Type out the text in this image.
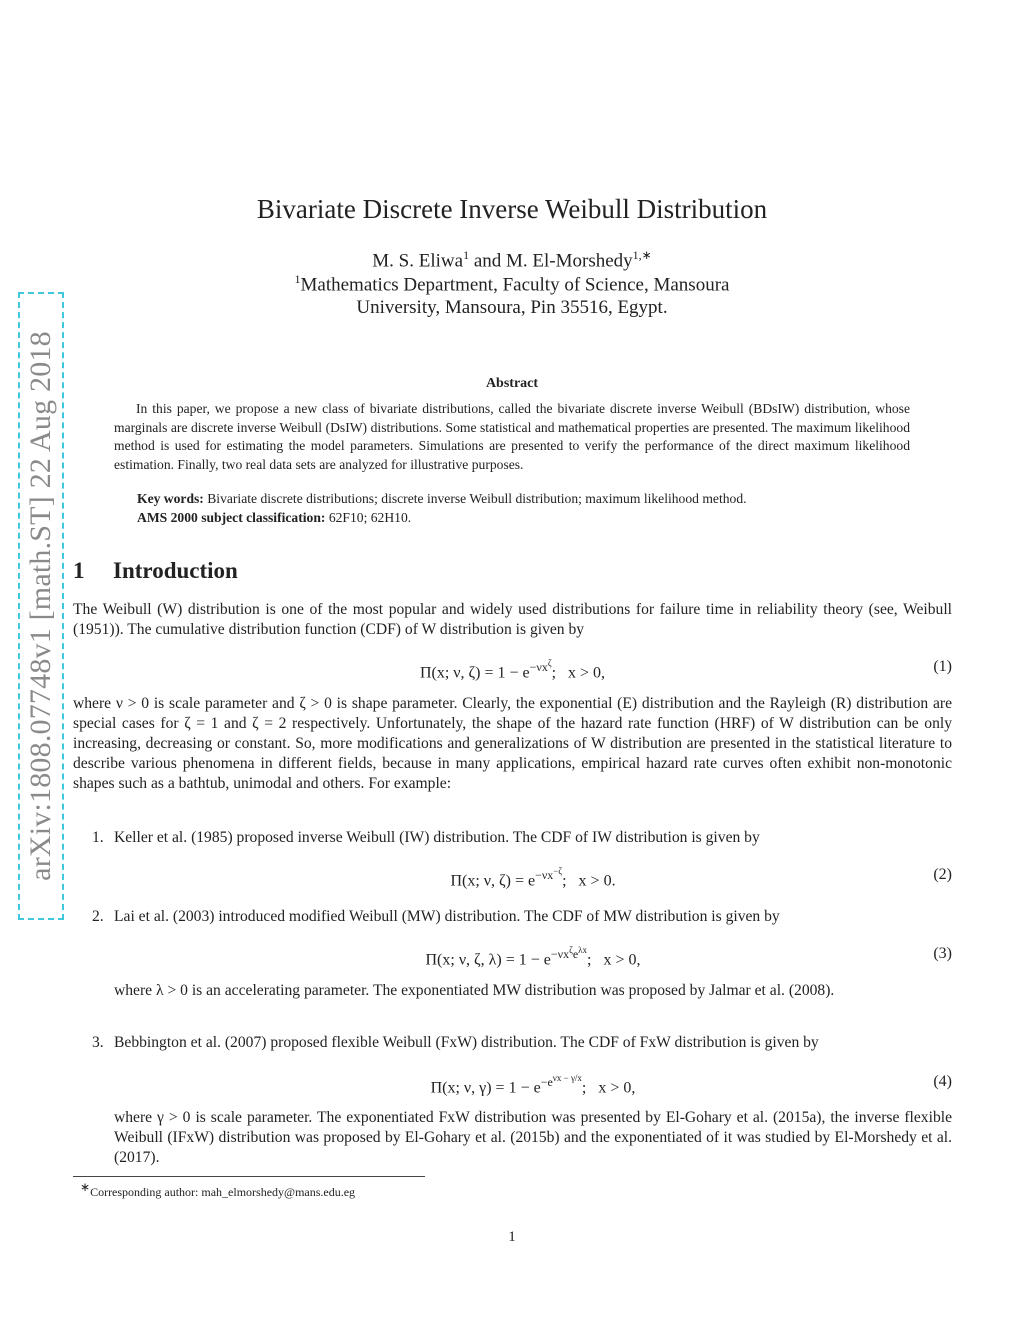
arXiv:1808.07748v1 [math.ST] 22 Aug 2018
Bivariate Discrete Inverse Weibull Distribution
M. S. Eliwa$^1$ and M. El-Morshedy$^{1,∗}$
$^1$Mathematics Department, Faculty of Science, Mansoura
University, Mansoura, Pin 35516, Egypt.
Abstract

In this paper, we propose a new class of bivariate distributions, called the bivariate discrete inverse Weibull (BDsIW) distribution, whose marginals are discrete inverse Weibull (DsIW) distributions. Some statistical and mathematical properties are presented. The maximum likelihood method is used for estimating the model parameters. Simulations are presented to verify the performance of the direct maximum likelihood estimation. Finally, two real data sets are analyzed for illustrative purposes.

Key words: Bivariate discrete distributions; discrete inverse Weibull distribution; maximum likelihood method.
AMS 2000 subject classification: 62F10; 62H10.
1 Introduction

The Weibull (W) distribution is one of the most popular and widely used distributions for failure time in reliability theory (see, Weibull (1951)). The cumulative distribution function (CDF) of W distribution is given by

Π(x; ν, $\zeta) = 1 - e^{-\nu x^\zeta}$;   x > 0,	(1)

where ν > 0 is scale parameter and ζ > 0 is shape parameter. Clearly, the exponential (E) distribution and the Rayleigh (R) distribution are special cases for ζ = 1 and ζ = 2 respectively. Unfortunately, the shape of the hazard rate function (HRF) of W distribution can be only increasing, decreasing or constant. So, more modifications and generalizations of W distribution are presented in the statistical literature to describe various phenomena in different fields, because in many applications, empirical hazard rate curves often exhibit non-monotonic shapes such as a bathtub, unimodal and others. For example:

1. Keller et al. (1985) proposed inverse Weibull (IW) distribution. The CDF of IW distribution is given by
Π(x; ν, $\zeta) = e^{-\nu x^{-\zeta}}$;   x > 0.	(2)
2. Lai et al. (2003) introduced modified Weibull (MW) distribution. The CDF of MW distribution is given by
Π(x; ν, ζ, $\lambda) = 1 - e^{-\nu x^\zeta e^{\lambda x}}$;   x > 0,	(3)
where λ > 0 is an accelerating parameter. The exponentiated MW distribution was proposed by Jalmar et al. (2008).
3. Bebbington et al. (2007) proposed flexible Weibull (FxW) distribution. The CDF of FxW distribution is given by
Π(x; ν, $\gamma) = 1 - e^{-e^{\nu x - \gamma/x}}$;   x > 0,	(4)
where γ > 0 is scale parameter. The exponentiated FxW distribution was presented by El-Gohary et al. (2015a), the inverse flexible Weibull (IFxW) distribution was proposed by El-Gohary et al. (2015b) and the exponentiated of it was studied by El-Morshedy et al. (2017).
∗Corresponding author: mah_elmorshedy@mans.edu.eg
1
